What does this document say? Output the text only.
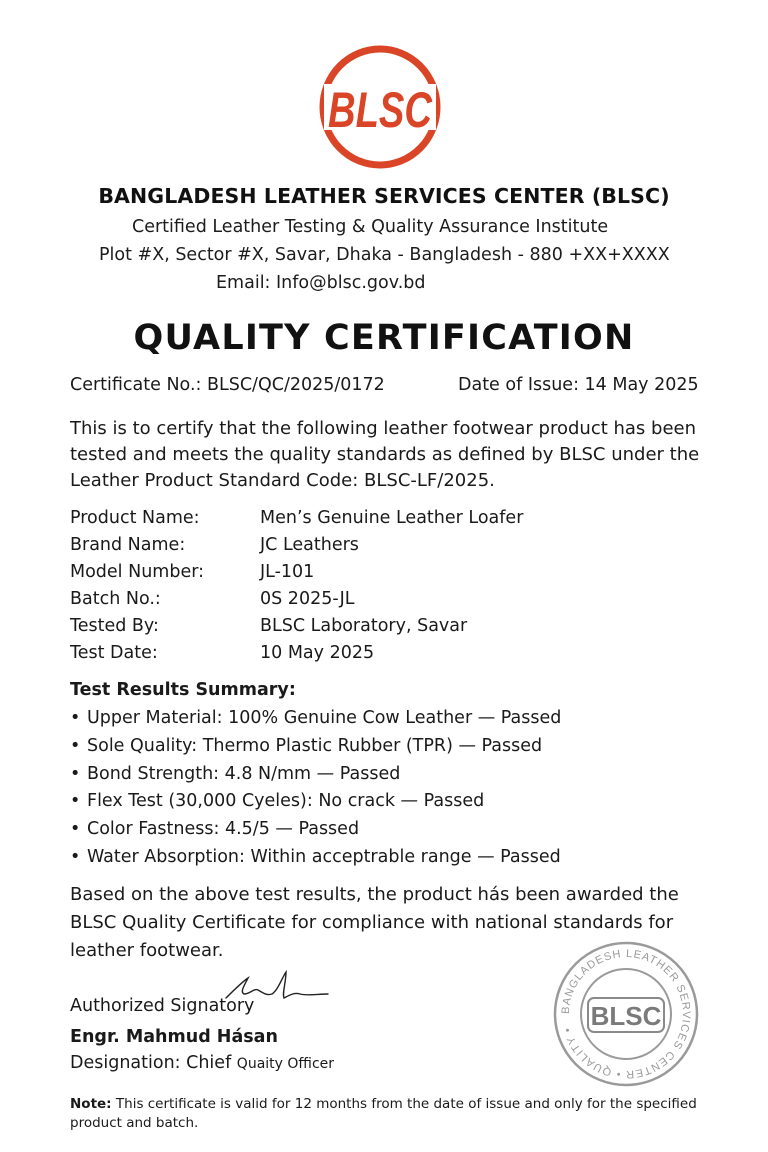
BLSC
BANGLADESH LEATHER SERVICES CENTER (BLSC)
Certified Leather Testing & Quality Assurance Institute
Plot #X, Sector #X, Savar, Dhaka - Bangladesh - 880 +XX+XXXX
Email: Info@blsc.gov.bd
QUALITY CERTIFICATION
Certificate No.: BLSC/QC/2025/0172	Date of Issue: 14 May 2025
This is to certify that the following leather footwear product has been tested and meets the quality standards as defined by BLSC under the Leather Product Standard Code: BLSC-LF/2025.
Product Name:	Men’s Genuine Leather Loafer
Brand Name:	JC Leathers
Model Number:	JL-101
Batch No.:	0S 2025-JL
Tested By:	BLSC Laboratory, Savar
Test Date:	10 May 2025
Test Results Summary:
• Upper Material: 100% Genuine Cow Leather — Passed
• Sole Quality: Thermo Plastic Rubber (TPR) — Passed
• Bond Strength: 4.8 N/mm — Passed
• Flex Test (30,000 Cyeles): No crack — Passed
• Color Fastness: 4.5/5 — Passed
• Water Absorption: Within acceptrable range — Passed
Based on the above test results, the product hás been awarded the BLSC Quality Certificate for compliance with national standards for leather footwear.
Authorized Signatory
Engr. Mahmud Hásan
Designation: Chief Quaity Officer
BANGLADESH LEATHER SERVICES CENTER • QUALITY • BLSC
Note: This certificate is valid for 12 months from the date of issue and only for the specified product and batch.
